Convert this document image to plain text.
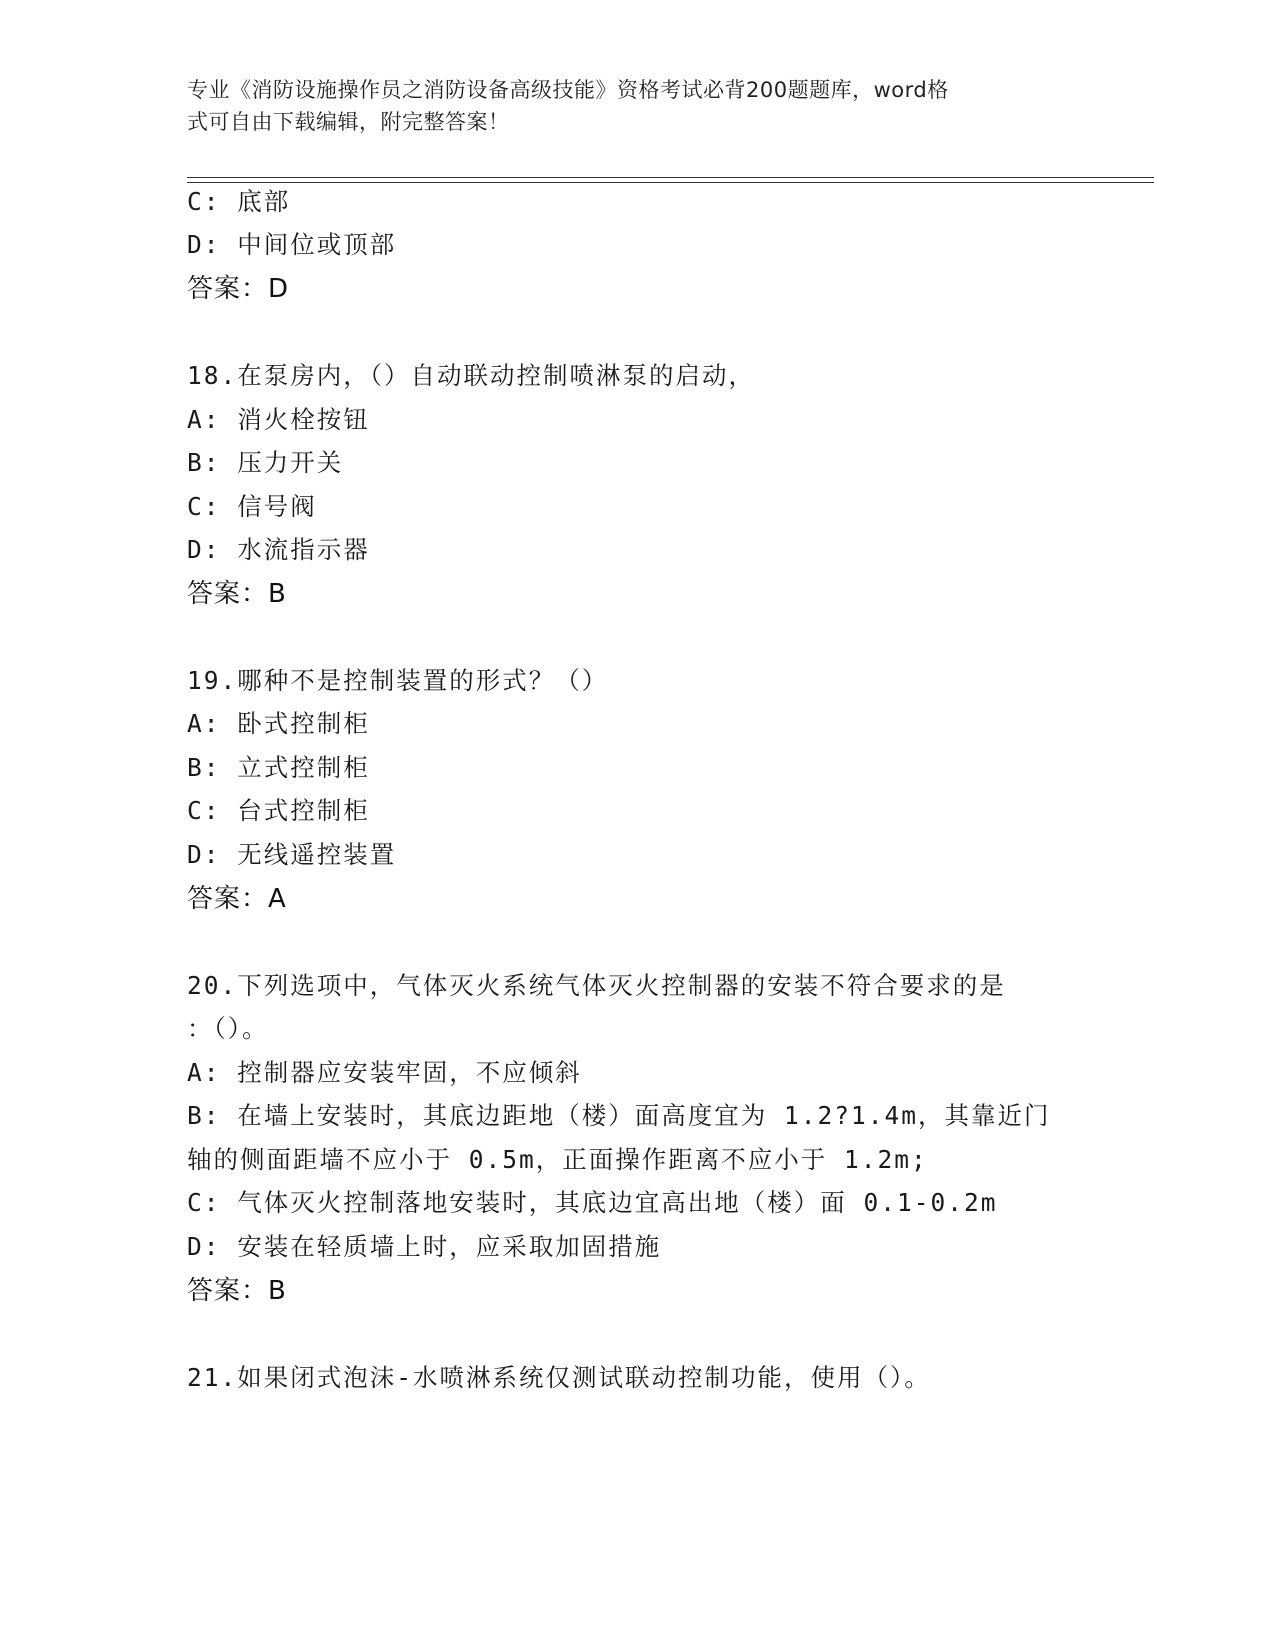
专业《消防设施操作员之消防设备高级技能》资格考试必背200题题库，word格
式可自由下载编辑，附完整答案！
C: 底部
D: 中间位或顶部
答案：D
18.在泵房内，（）自动联动控制喷淋泵的启动，
A: 消火栓按钮
B: 压力开关
C: 信号阀
D: 水流指示器
答案：B
19.哪种不是控制装置的形式？（）
A: 卧式控制柜
B: 立式控制柜
C: 台式控制柜
D: 无线遥控装置
答案：A
20.下列选项中，气体灭火系统气体灭火控制器的安装不符合要求的是
：（）。
A: 控制器应安装牢固，不应倾斜
B: 在墙上安装时，其底边距地（楼）面高度宜为 1.2?1.4m，其靠近门
轴的侧面距墙不应小于 0.5m，正面操作距离不应小于 1.2m;
C: 气体灭火控制落地安装时，其底边宜高出地（楼）面 0.1-0.2m
D: 安装在轻质墙上时，应采取加固措施
答案：B
21.如果闭式泡沫-水喷淋系统仅测试联动控制功能，使用（）。
